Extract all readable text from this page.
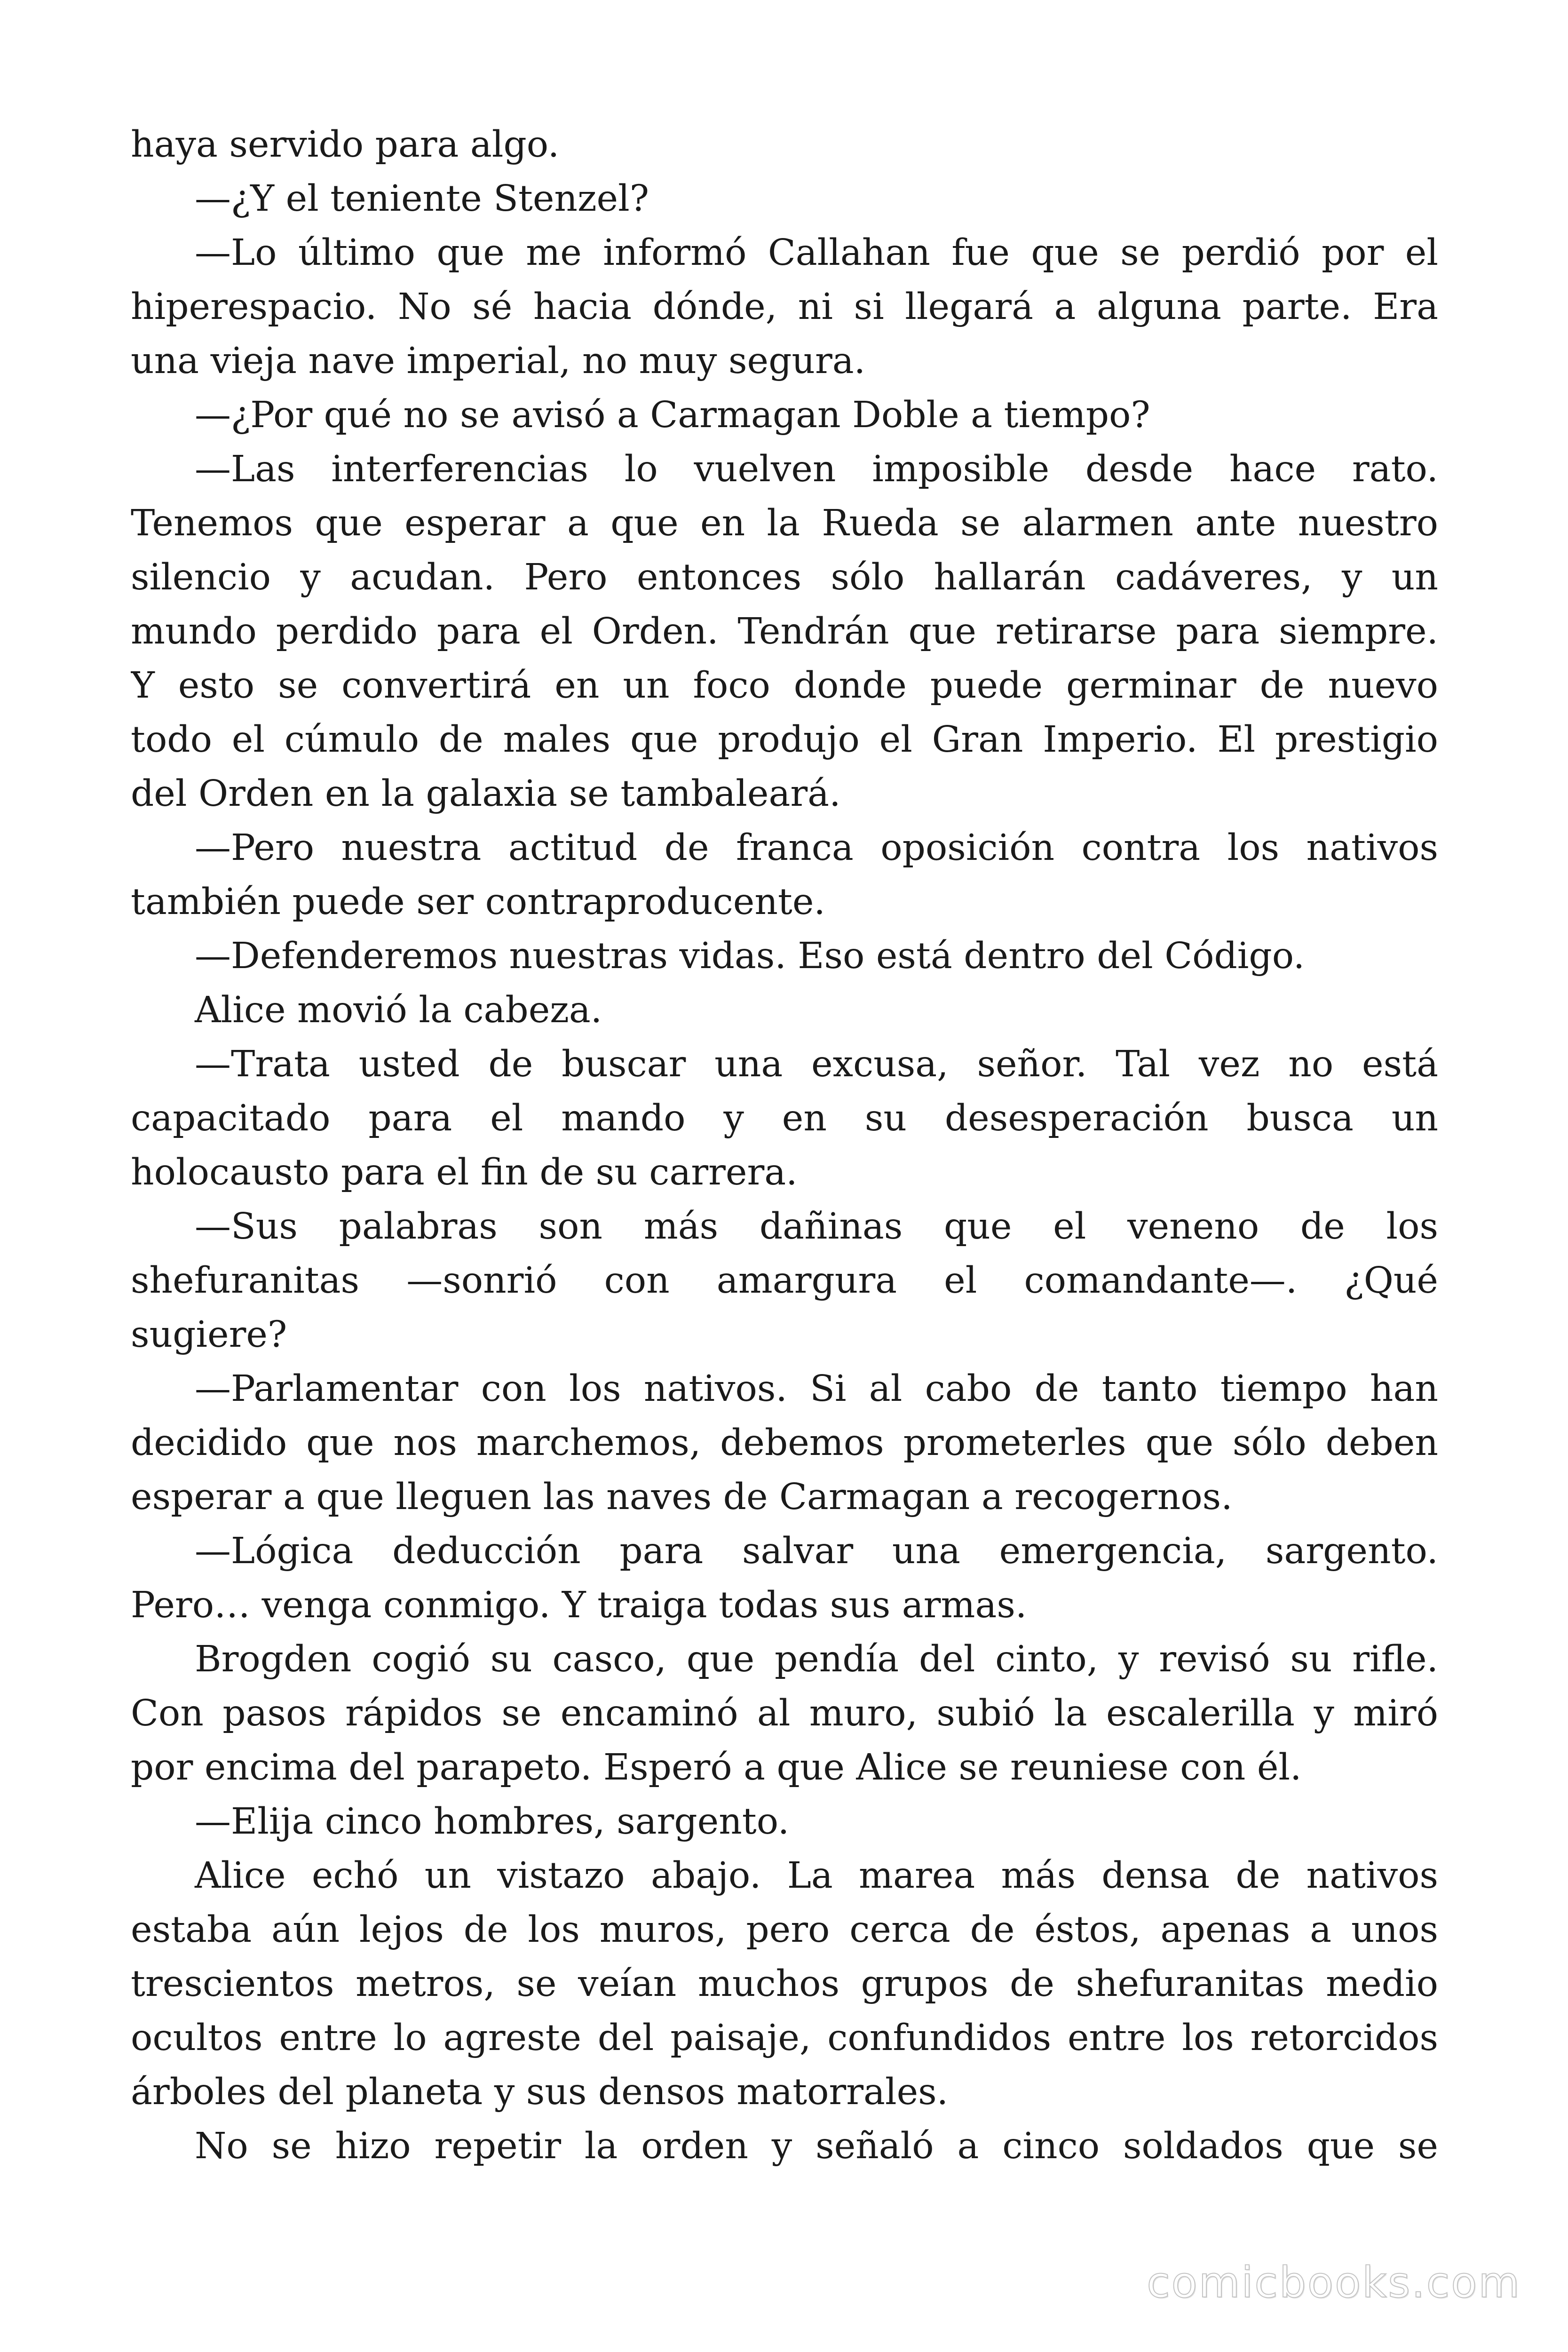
haya servido para algo.
—¿Y el teniente Stenzel?
—Lo último que me informó Callahan fue que se perdió por el
hiperespacio. No sé hacia dónde, ni si llegará a alguna parte. Era
una vieja nave imperial, no muy segura.
—¿Por qué no se avisó a Carmagan Doble a tiempo?
—Las interferencias lo vuelven imposible desde hace rato.
Tenemos que esperar a que en la Rueda se alarmen ante nuestro
silencio y acudan. Pero entonces sólo hallarán cadáveres, y un
mundo perdido para el Orden. Tendrán que retirarse para siempre.
Y esto se convertirá en un foco donde puede germinar de nuevo
todo el cúmulo de males que produjo el Gran Imperio. El prestigio
del Orden en la galaxia se tambaleará.
—Pero nuestra actitud de franca oposición contra los nativos
también puede ser contraproducente.
—Defenderemos nuestras vidas. Eso está dentro del Código.
Alice movió la cabeza.
—Trata usted de buscar una excusa, señor. Tal vez no está
capacitado para el mando y en su desesperación busca un
holocausto para el fin de su carrera.
—Sus palabras son más dañinas que el veneno de los
shefuranitas —sonrió con amargura el comandante—. ¿Qué
sugiere?
—Parlamentar con los nativos. Si al cabo de tanto tiempo han
decidido que nos marchemos, debemos prometerles que sólo deben
esperar a que lleguen las naves de Carmagan a recogernos.
—Lógica deducción para salvar una emergencia, sargento.
Pero… venga conmigo. Y traiga todas sus armas.
Brogden cogió su casco, que pendía del cinto, y revisó su rifle.
Con pasos rápidos se encaminó al muro, subió la escalerilla y miró
por encima del parapeto. Esperó a que Alice se reuniese con él.
—Elija cinco hombres, sargento.
Alice echó un vistazo abajo. La marea más densa de nativos
estaba aún lejos de los muros, pero cerca de éstos, apenas a unos
trescientos metros, se veían muchos grupos de shefuranitas medio
ocultos entre lo agreste del paisaje, confundidos entre los retorcidos
árboles del planeta y sus densos matorrales.
No se hizo repetir la orden y señaló a cinco soldados que se
comicbooks.com
